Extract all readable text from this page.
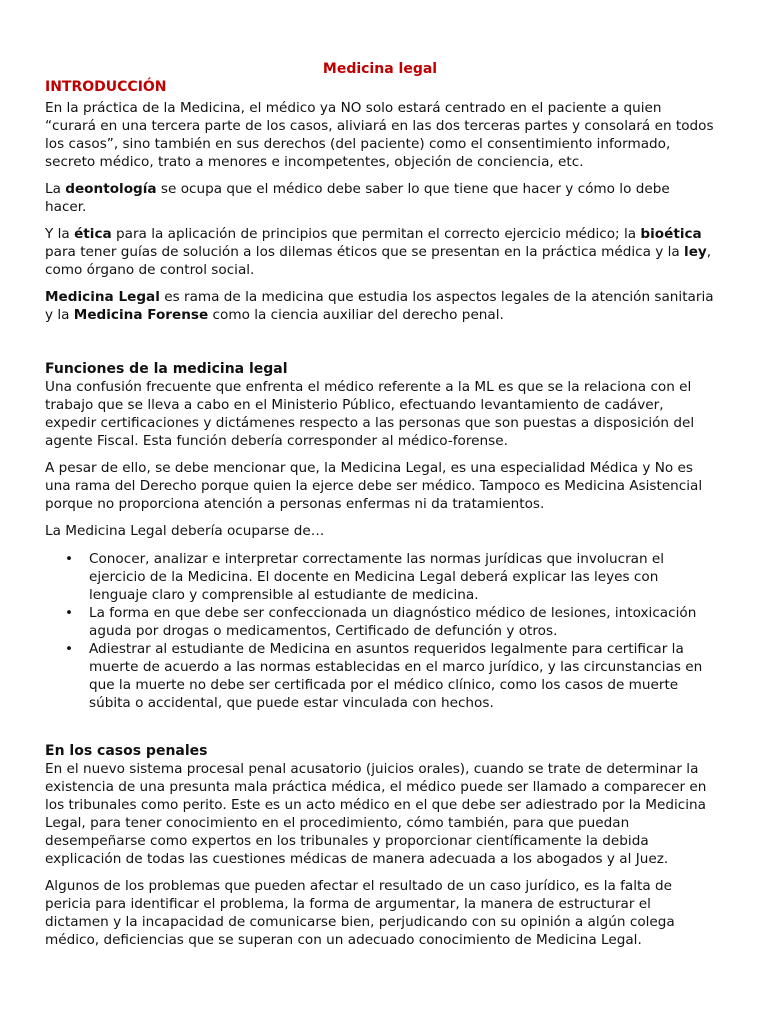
Medicina legal
INTRODUCCIÓN

En la práctica de la Medicina, el médico ya NO solo estará centrado en el paciente a quien “curará en una tercera parte de los casos, aliviará en las dos terceras partes y consolará en todos los casos”, sino también en sus derechos (del paciente) como el consentimiento informado, secreto médico, trato a menores e incompetentes, objeción de conciencia, etc.

La deontología se ocupa que el médico debe saber lo que tiene que hacer y cómo lo debe hacer.

Y la ética para la aplicación de principios que permitan el correcto ejercicio médico; la bioética para tener guías de solución a los dilemas éticos que se presentan en la práctica médica y la ley, como órgano de control social.

Medicina Legal es rama de la medicina que estudia los aspectos legales de la atención sanitaria y la Medicina Forense como la ciencia auxiliar del derecho penal.

Funciones de la medicina legal

Una confusión frecuente que enfrenta el médico referente a la ML es que se la relaciona con el trabajo que se lleva a cabo en el Ministerio Público, efectuando levantamiento de cadáver, expedir certificaciones y dictámenes respecto a las personas que son puestas a disposición del agente Fiscal. Esta función debería corresponder al médico-forense.

A pesar de ello, se debe mencionar que, la Medicina Legal, es una especialidad Médica y No es una rama del Derecho porque quien la ejerce debe ser médico. Tampoco es Medicina Asistencial porque no proporciona atención a personas enfermas ni da tratamientos.

La Medicina Legal debería ocuparse de…

• Conocer, analizar e interpretar correctamente las normas jurídicas que involucran el ejercicio de la Medicina. El docente en Medicina Legal deberá explicar las leyes con lenguaje claro y comprensible al estudiante de medicina.
• La forma en que debe ser confeccionada un diagnóstico médico de lesiones, intoxicación aguda por drogas o medicamentos, Certificado de defunción y otros.
• Adiestrar al estudiante de Medicina en asuntos requeridos legalmente para certificar la muerte de acuerdo a las normas establecidas en el marco jurídico, y las circunstancias en que la muerte no debe ser certificada por el médico clínico, como los casos de muerte súbita o accidental, que puede estar vinculada con hechos.
En los casos penales

En el nuevo sistema procesal penal acusatorio (juicios orales), cuando se trate de determinar la existencia de una presunta mala práctica médica, el médico puede ser llamado a comparecer en los tribunales como perito. Este es un acto médico en el que debe ser adiestrado por la Medicina Legal, para tener conocimiento en el procedimiento, cómo también, para que puedan desempeñarse como expertos en los tribunales y proporcionar científicamente la debida explicación de todas las cuestiones médicas de manera adecuada a los abogados y al Juez.

Algunos de los problemas que pueden afectar el resultado de un caso jurídico, es la falta de pericia para identificar el problema, la forma de argumentar, la manera de estructurar el dictamen y la incapacidad de comunicarse bien, perjudicando con su opinión a algún colega médico, deficiencias que se superan con un adecuado conocimiento de Medicina Legal.
